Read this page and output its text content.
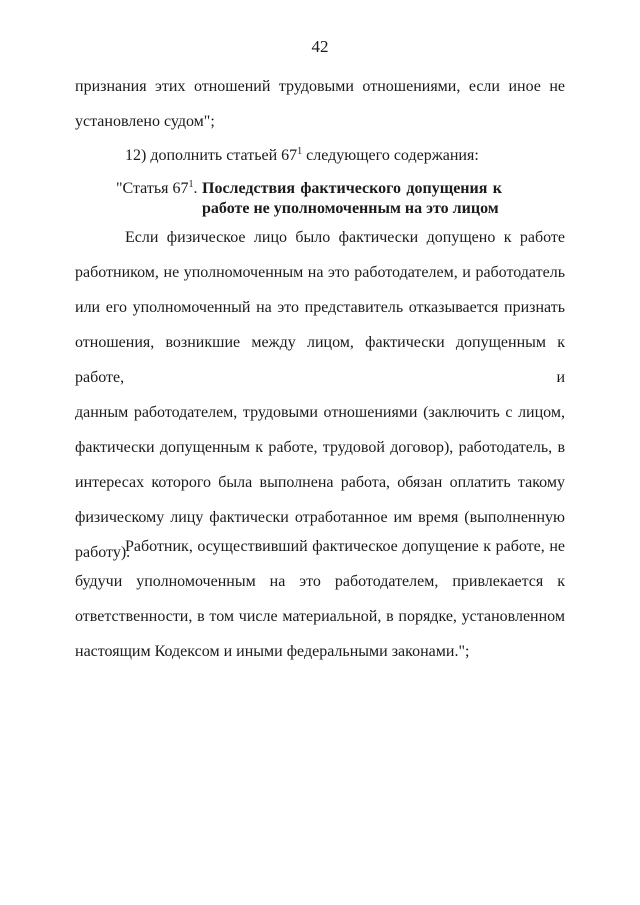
42
признания этих отношений трудовыми отношениями, если иное не
установлено судом";
12) дополнить статьей $67^1$ следующего содержания:
"Статья $67^1$. Последствия фактического допущения к
работе не уполномоченным на это лицом
Если физическое лицо было фактически допущено к работе
работником, не уполномоченным на это работодателем, и работодатель
или его уполномоченный на это представитель отказывается признать
отношения, возникшие между лицом, фактически допущенным к работе, и
данным работодателем, трудовыми отношениями (заключить с лицом,
фактически допущенным к работе, трудовой договор), работодатель, в
интересах которого была выполнена работа, обязан оплатить такому
физическому лицу фактически отработанное им время (выполненную
работу).
Работник, осуществивший фактическое допущение к работе, не
будучи уполномоченным на это работодателем, привлекается к
ответственности, в том числе материальной, в порядке, установленном
настоящим Кодексом и иными федеральными законами.";
